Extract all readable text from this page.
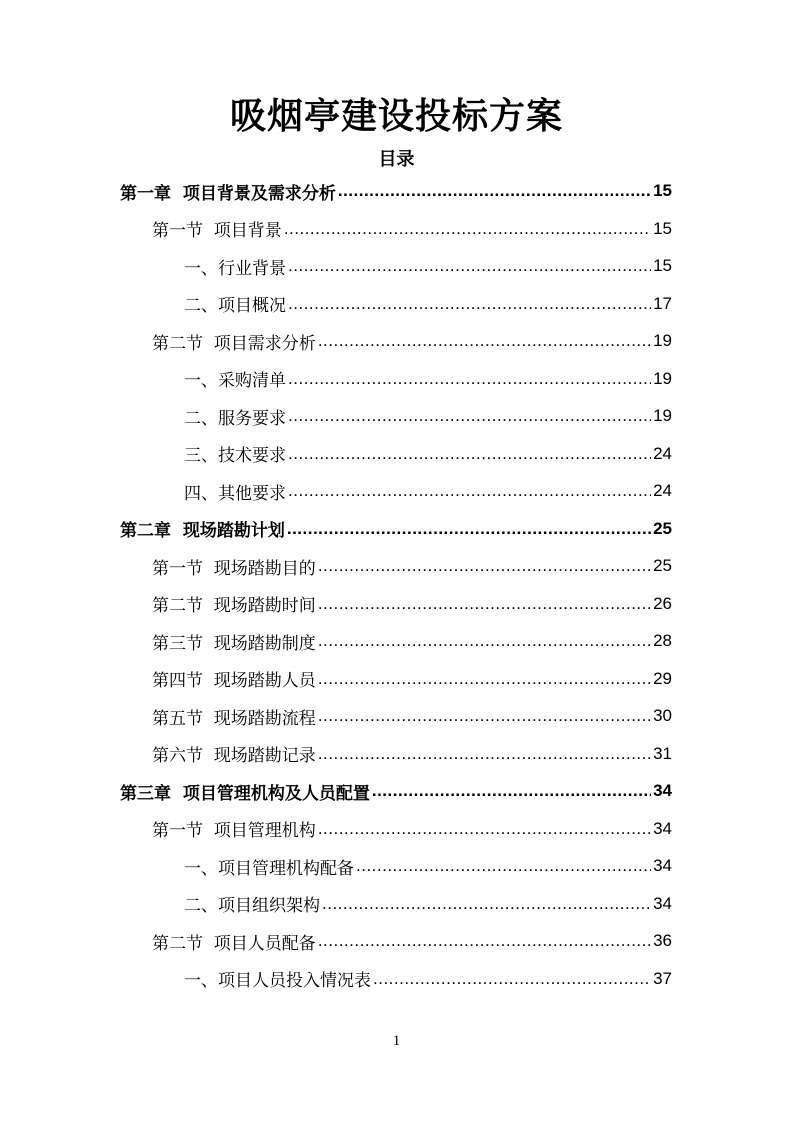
吸烟亭建设投标方案
目录
第一章  项目背景及需求分析 .....	15
第一节  项目背景 .....	15
一、行业背景 .....	15
二、项目概况 .....	17
第二节  项目需求分析 .....	19
一、采购清单 .....	19
二、服务要求 .....	19
三、技术要求 .....	24
四、其他要求 .....	24
第二章  现场踏勘计划 .....	25
第一节  现场踏勘目的 .....	25
第二节  现场踏勘时间 .....	26
第三节  现场踏勘制度 .....	28
第四节  现场踏勘人员 .....	29
第五节  现场踏勘流程 .....	30
第六节  现场踏勘记录 .....	31
第三章  项目管理机构及人员配置 .....	34
第一节  项目管理机构 .....	34
一、项目管理机构配备 .....	34
二、项目组织架构 .....	34
第二节  项目人员配备 .....	36
一、项目人员投入情况表 .....	37
1
